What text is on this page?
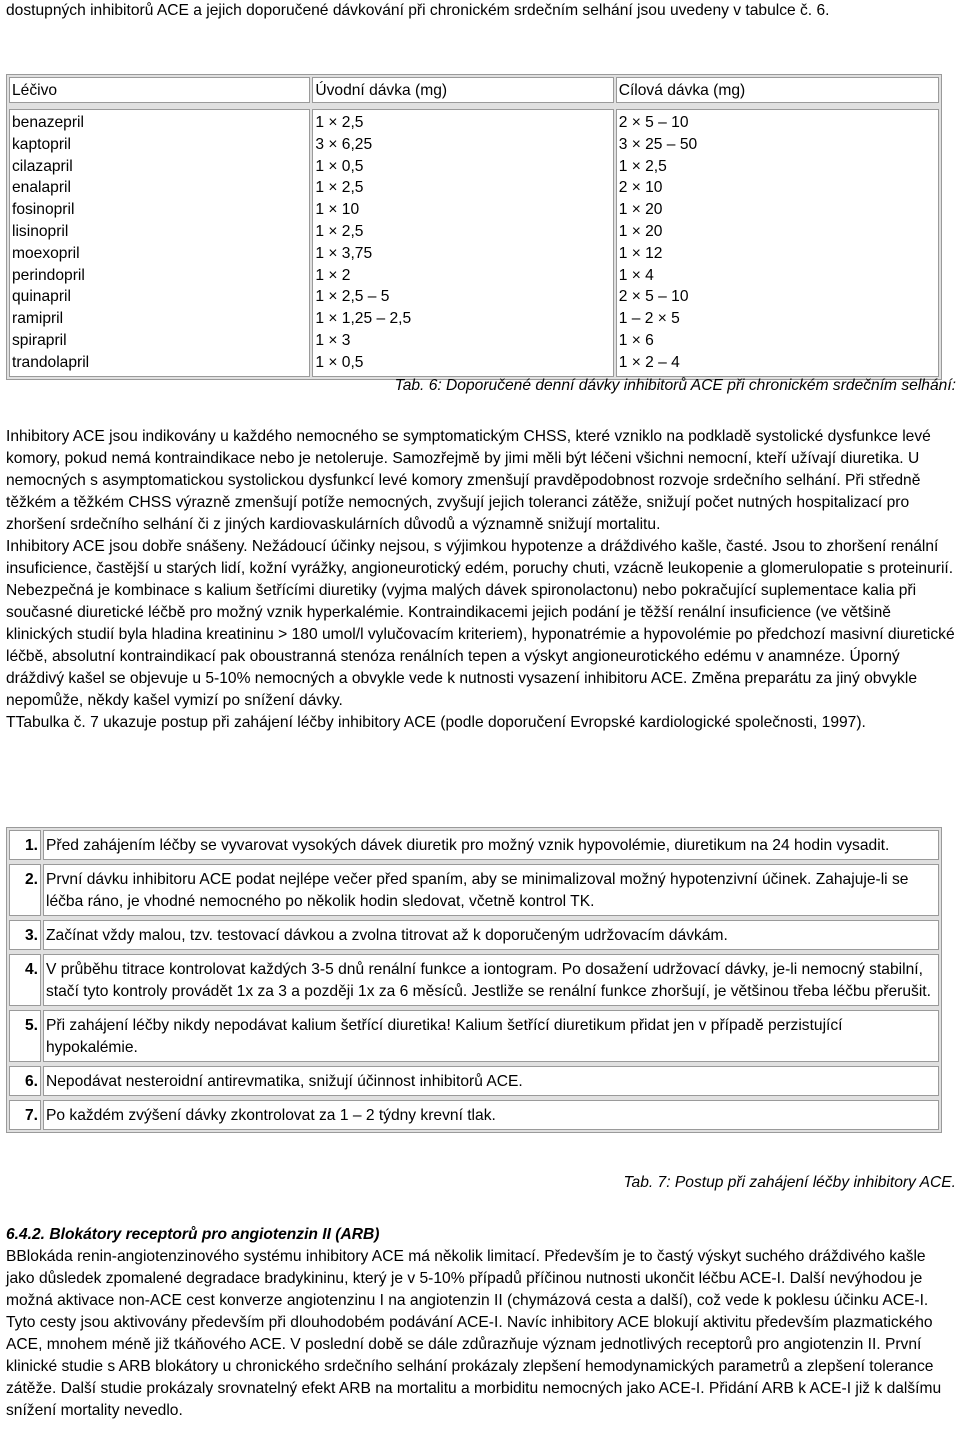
dostupných inhibitorů ACE a jejich doporučené dávkování při chronickém srdečním selhání jsou uvedeny v tabulce č. 6.

Léčivo	Úvodní dávka (mg)	Cílová dávka (mg)
benazepril
kaptopril
cilazapril
enalapril
fosinopril
lisinopril
moexopril
perindopril
quinapril
ramipril
spirapril
trandolapril
1 × 2,5
3 × 6,25
1 × 0,5
1 × 2,5
1 × 10
1 × 2,5
1 × 3,75
1 × 2
1 × 2,5 – 5
1 × 1,25 – 2,5
1 × 3
1 × 0,5
2 × 5 – 10
3 × 25 – 50
1 × 2,5
2 × 10
1 × 20
1 × 20
1 × 12
1 × 4
2 × 5 – 10
1 – 2 × 5
1 × 6
1 × 2 – 4

Tab. 6: Doporučené denní dávky inhibitorů ACE při chronickém srdečním selhání:

Inhibitory ACE jsou indikovány u každého nemocného se symptomatickým CHSS, které vzniklo na podkladě systolické dysfunkce levé komory, pokud nemá kontraindikace nebo je netoleruje. Samozřejmě by jimi měli být léčeni všichni nemocní, kteří užívají diuretika. U nemocných s asymptomatickou systolickou dysfunkcí levé komory zmenšují pravděpodobnost rozvoje srdečního selhání. Při středně těžkém a těžkém CHSS výrazně zmenšují potíže nemocných, zvyšují jejich toleranci zátěže, snižují počet nutných hospitalizací pro zhoršení srdečního selhání či z jiných kardiovaskulárních důvodů a významně snižují mortalitu.

Inhibitory ACE jsou dobře snášeny. Nežádoucí účinky nejsou, s výjimkou hypotenze a dráždivého kašle, časté. Jsou to zhoršení renální insuficience, častější u starých lidí, kožní vyrážky, angioneurotický edém, poruchy chuti, vzácně leukopenie a glomerulopatie s proteinurií. Nebezpečná je kombinace s kalium šetřícími diuretiky (vyjma malých dávek spironolactonu) nebo pokračující suplementace kalia při současné diuretické léčbě pro možný vznik hyperkalémie. Kontraindikacemi jejich podání je těžší renální insuficience (ve většině klinických studií byla hladina kreatininu > 180 umol/l vylučovacím kriteriem), hyponatrémie a hypovolémie po předchozí masivní diuretické léčbě, absolutní kontraindikací pak oboustranná stenóza renálních tepen a výskyt angioneurotického edému v anamnéze. Úporný dráždivý kašel se objevuje u 5-10% nemocných a obvykle vede k nutnosti vysazení inhibitoru ACE. Změna preparátu za jiný obvykle nepomůže, někdy kašel vymizí po snížení dávky.

TTabulka č. 7 ukazuje postup při zahájení léčby inhibitory ACE (podle doporučení Evropské kardiologické společnosti, 1997).

1. Před zahájením léčby se vyvarovat vysokých dávek diuretik pro možný vznik hypovolémie, diuretikum na 24 hodin vysadit.
2. První dávku inhibitoru ACE podat nejlépe večer před spaním, aby se minimalizoval možný hypotenzivní účinek. Zahajuje-li se léčba ráno, je vhodné nemocného po několik hodin sledovat, včetně kontrol TK.
3. Začínat vždy malou, tzv. testovací dávkou a zvolna titrovat až k doporučeným udržovacím dávkám.
4. V průběhu titrace kontrolovat každých 3-5 dnů renální funkce a iontogram. Po dosažení udržovací dávky, je-li nemocný stabilní, stačí tyto kontroly provádět 1x za 3 a později 1x za 6 měsíců. Jestliže se renální funkce zhoršují, je většinou třeba léčbu přerušit.
5. Při zahájení léčby nikdy nepodávat kalium šetřící diuretika! Kalium šetřící diuretikum přidat jen v případě perzistující hypokalémie.
6. Nepodávat nesteroidní antirevmatika, snižují účinnost inhibitorů ACE.
7. Po každém zvýšení dávky zkontrolovat za 1 – 2 týdny krevní tlak.

Tab. 7: Postup při zahájení léčby inhibitory ACE.

6.4.2. Blokátory receptorů pro angiotenzin II (ARB)

BBlokáda renin-angiotenzinového systému inhibitory ACE má několik limitací. Především je to častý výskyt suchého dráždivého kašle jako důsledek zpomalené degradace bradykininu, který je v 5-10% případů příčinou nutnosti ukončit léčbu ACE-I. Další nevýhodou je možná aktivace non-ACE cest konverze angiotenzinu I na angiotenzin II (chymázová cesta a další), což vede k poklesu účinku ACE-I. Tyto cesty jsou aktivovány především při dlouhodobém podávání ACE-I. Navíc inhibitory ACE blokují aktivitu především plazmatického ACE, mnohem méně již tkáňového ACE. V poslední době se dále zdůrazňuje význam jednotlivých receptorů pro angiotenzin II. První klinické studie s ARB blokátory u chronického srdečního selhání prokázaly zlepšení hemodynamických parametrů a zlepšení tolerance zátěže. Další studie prokázaly srovnatelný efekt ARB na mortalitu a morbiditu nemocných jako ACE-I. Přidání ARB k ACE-I již k dalšímu snížení mortality nevedlo.
